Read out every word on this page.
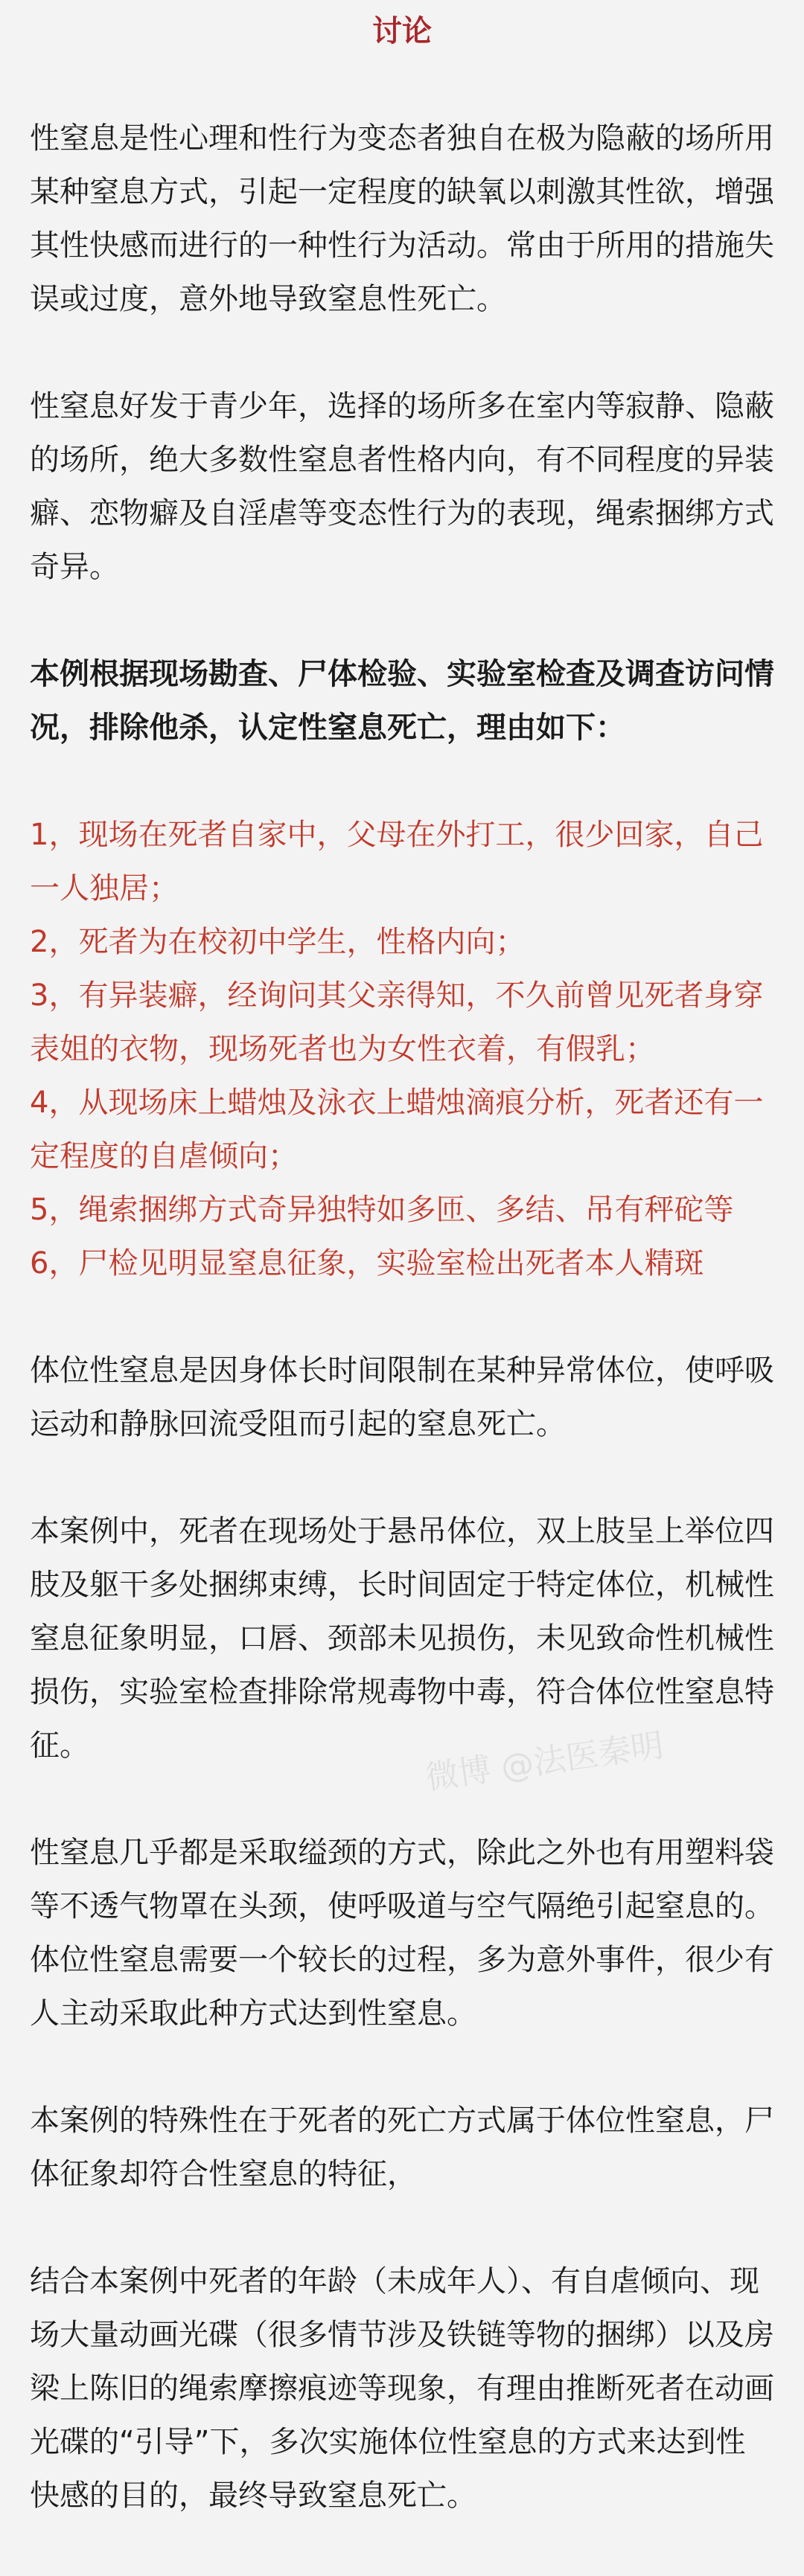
讨论

性窒息是性心理和性行为变态者独自在极为隐蔽的场所用某种窒息方式，引起一定程度的缺氧以刺激其性欲，增强其性快感而进行的一种性行为活动。常由于所用的措施失误或过度，意外地导致窒息性死亡。

性窒息好发于青少年，选择的场所多在室内等寂静、隐蔽的场所，绝大多数性窒息者性格内向，有不同程度的异装癖、恋物癖及自淫虐等变态性行为的表现，绳索捆绑方式奇异。

本例根据现场勘查、尸体检验、实验室检查及调查访问情况，排除他杀，认定性窒息死亡，理由如下：

1，现场在死者自家中，父母在外打工，很少回家，自己一人独居；
2，死者为在校初中学生，性格内向；
3，有异装癖，经询问其父亲得知，不久前曾见死者身穿表姐的衣物，现场死者也为女性衣着，有假乳；
4，从现场床上蜡烛及泳衣上蜡烛滴痕分析，死者还有一定程度的自虐倾向；
5，绳索捆绑方式奇异独特如多匝、多结、吊有秤砣等
6，尸检见明显窒息征象，实验室检出死者本人精斑

体位性窒息是因身体长时间限制在某种异常体位，使呼吸运动和静脉回流受阻而引起的窒息死亡。

本案例中，死者在现场处于悬吊体位，双上肢呈上举位四肢及躯干多处捆绑束缚，长时间固定于特定体位，机械性窒息征象明显，口唇、颈部未见损伤，未见致命性机械性损伤，实验室检查排除常规毒物中毒，符合体位性窒息特征。

性窒息几乎都是采取缢颈的方式，除此之外也有用塑料袋等不透气物罩在头颈，使呼吸道与空气隔绝引起窒息的。体位性窒息需要一个较长的过程，多为意外事件，很少有人主动采取此种方式达到性窒息。

本案例的特殊性在于死者的死亡方式属于体位性窒息，尸体征象却符合性窒息的特征，

结合本案例中死者的年龄（未成年人）、有自虐倾向、现场大量动画光碟（很多情节涉及铁链等物的捆绑）以及房梁上陈旧的绳索摩擦痕迹等现象，有理由推断死者在动画光碟的“引导”下，多次实施体位性窒息的方式来达到性快感的目的，最终导致窒息死亡。

微博 @法医秦明
